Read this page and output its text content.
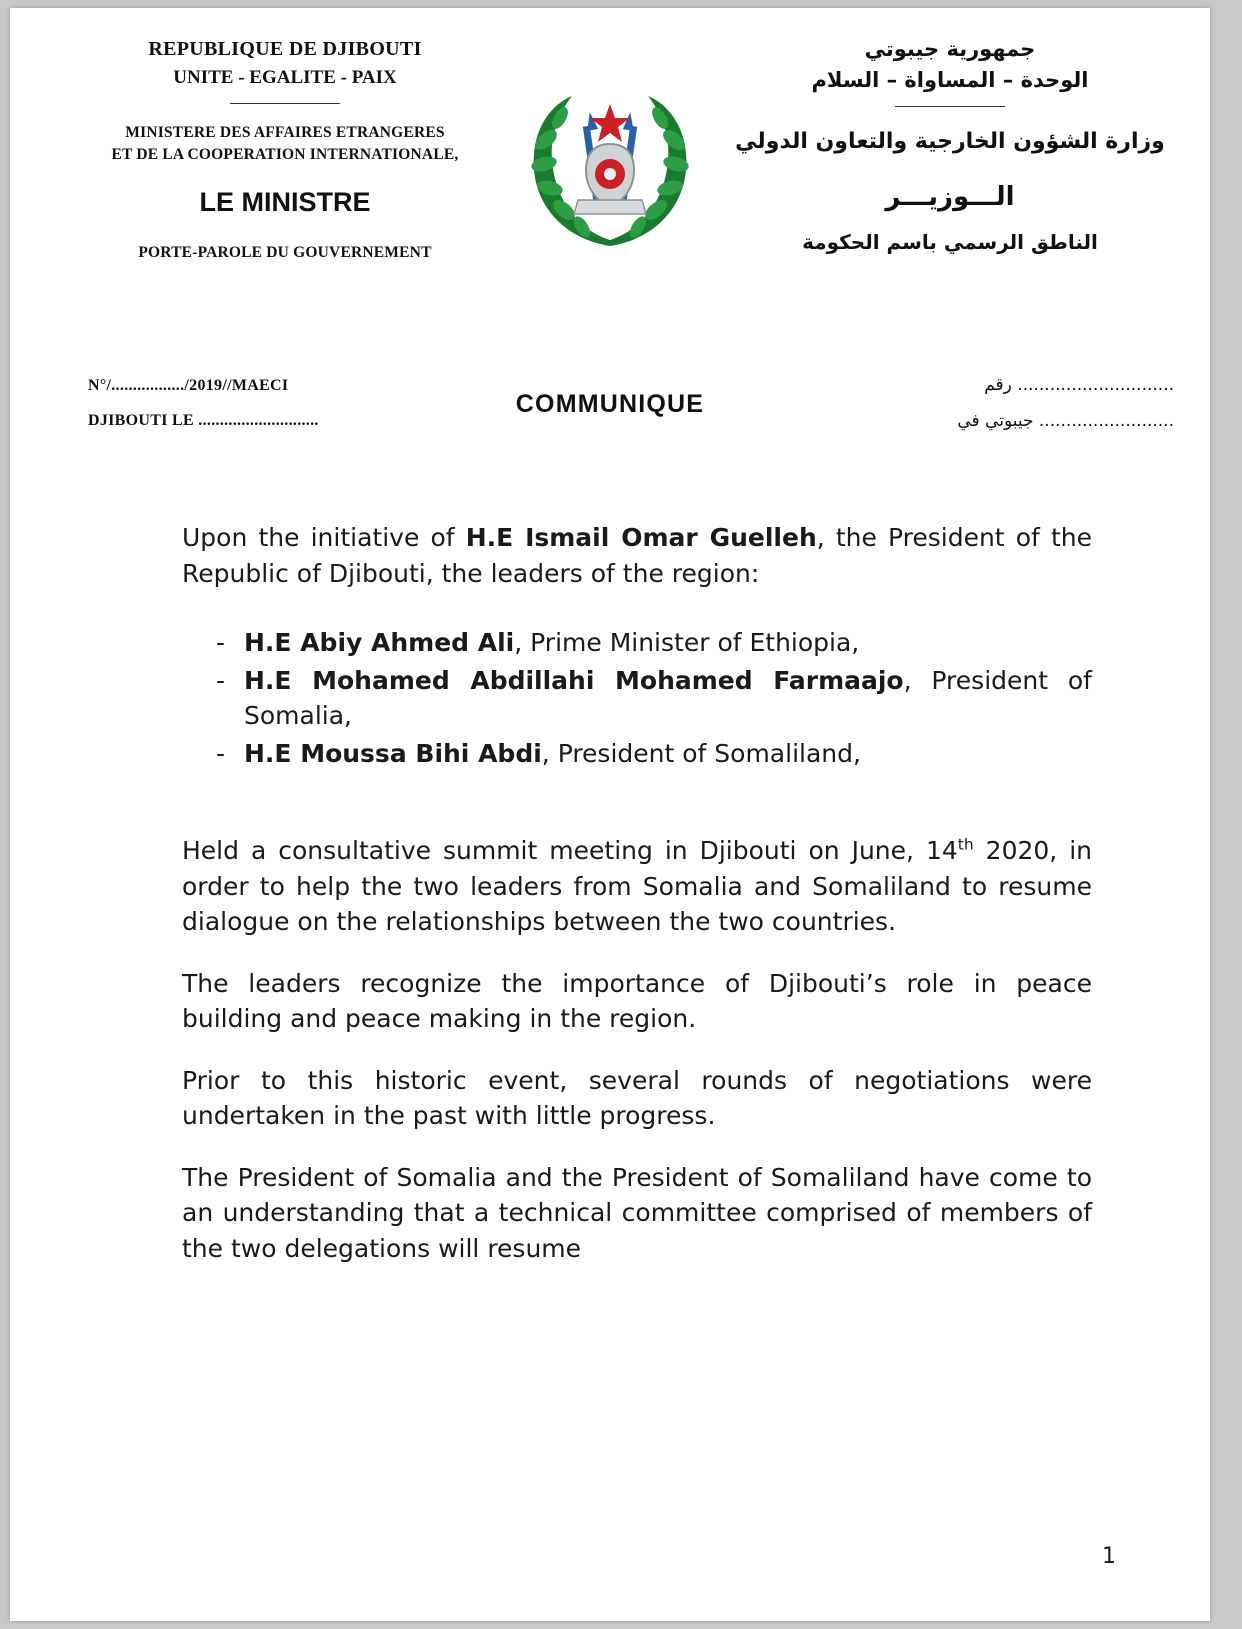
REPUBLIQUE DE DJIBOUTI
UNITE - EGALITE - PAIX
MINISTERE DES AFFAIRES ETRANGERES
ET DE LA COOPERATION INTERNATIONALE,
LE MINISTRE
PORTE-PAROLE DU GOUVERNEMENT
جمهورية جيبوتي
الوحدة – المساواة – السلام
وزارة الشؤون الخارجية والتعاون الدولي
الـــوزيـــر
الناطق الرسمي باسم الحكومة
N°/................./2019//MAECI
DJIBOUTI LE ............................
COMMUNIQUE
............................. رقم
......................... جيبوتي في

Upon the initiative of H.E Ismail Omar Guelleh, the President of the Republic of Djibouti, the leaders of the region:

- H.E Abiy Ahmed Ali, Prime Minister of Ethiopia,
- H.E Mohamed Abdillahi Mohamed Farmaajo, President of Somalia,
- H.E Moussa Bihi Abdi, President of Somaliland,

Held a consultative summit meeting in Djibouti on June, 14th 2020, in order to help the two leaders from Somalia and Somaliland to resume dialogue on the relationships between the two countries.

The leaders recognize the importance of Djibouti’s role in peace building and peace making in the region.

Prior to this historic event, several rounds of negotiations were undertaken in the past with little progress.

The President of Somalia and the President of Somaliland have come to an understanding that a technical committee comprised of members of the two delegations will resume

1
